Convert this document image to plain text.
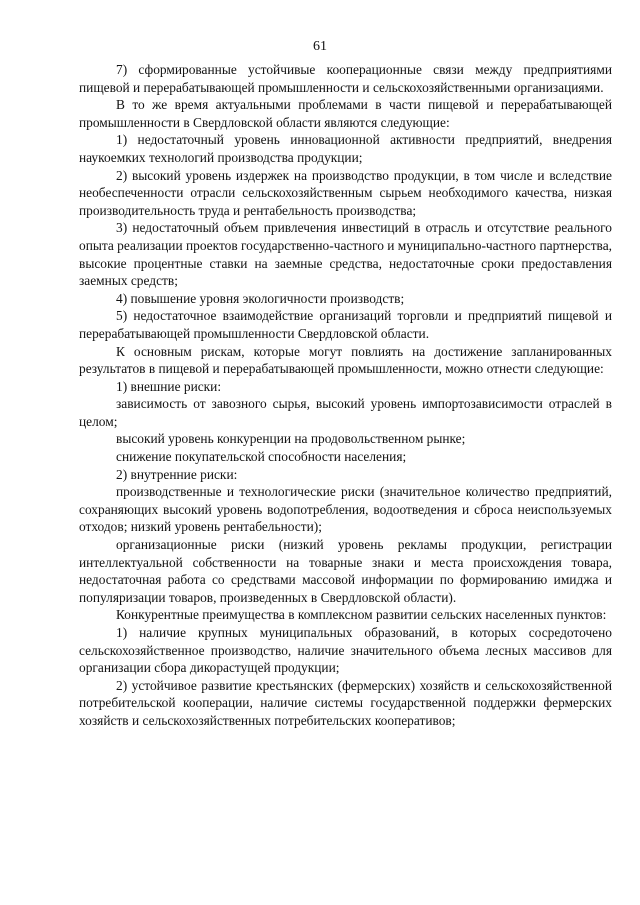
61

7) сформированные устойчивые кооперационные связи между предприятиями пищевой и перерабатывающей промышленности и сельскохозяйственными организациями.

В то же время актуальными проблемами в части пищевой и перерабатывающей промышленности в Свердловской области являются следующие:

1) недостаточный уровень инновационной активности предприятий, внедрения наукоемких технологий производства продукции;

2) высокий уровень издержек на производство продукции, в том числе и вследствие необеспеченности отрасли сельскохозяйственным сырьем необходимого качества, низкая производительность труда и рентабельность производства;

3) недостаточный объем привлечения инвестиций в отрасль и отсутствие реального опыта реализации проектов государственно-частного и муниципально-частного партнерства, высокие процентные ставки на заемные средства, недостаточные сроки предоставления заемных средств;

4) повышение уровня экологичности производств;

5) недостаточное взаимодействие организаций торговли и предприятий пищевой и перерабатывающей промышленности Свердловской области.

К основным рискам, которые могут повлиять на достижение запланированных результатов в пищевой и перерабатывающей промышленности, можно отнести следующие:

1) внешние риски:

зависимость от завозного сырья, высокий уровень импортозависимости отраслей в целом;

высокий уровень конкуренции на продовольственном рынке;

снижение покупательской способности населения;

2) внутренние риски:

производственные и технологические риски (значительное количество предприятий, сохраняющих высокий уровень водопотребления, водоотведения и сброса неиспользуемых отходов; низкий уровень рентабельности);

организационные риски (низкий уровень рекламы продукции, регистрации интеллектуальной собственности на товарные знаки и места происхождения товара, недостаточная работа со средствами массовой информации по формированию имиджа и популяризации товаров, произведенных в Свердловской области).

Конкурентные преимущества в комплексном развитии сельских населенных пунктов:

1) наличие крупных муниципальных образований, в которых сосредоточено сельскохозяйственное производство, наличие значительного объема лесных массивов для организации сбора дикорастущей продукции;

2) устойчивое развитие крестьянских (фермерских) хозяйств и сельскохозяйственной потребительской кооперации, наличие системы государственной поддержки фермерских хозяйств и сельскохозяйственных потребительских кооперативов;
